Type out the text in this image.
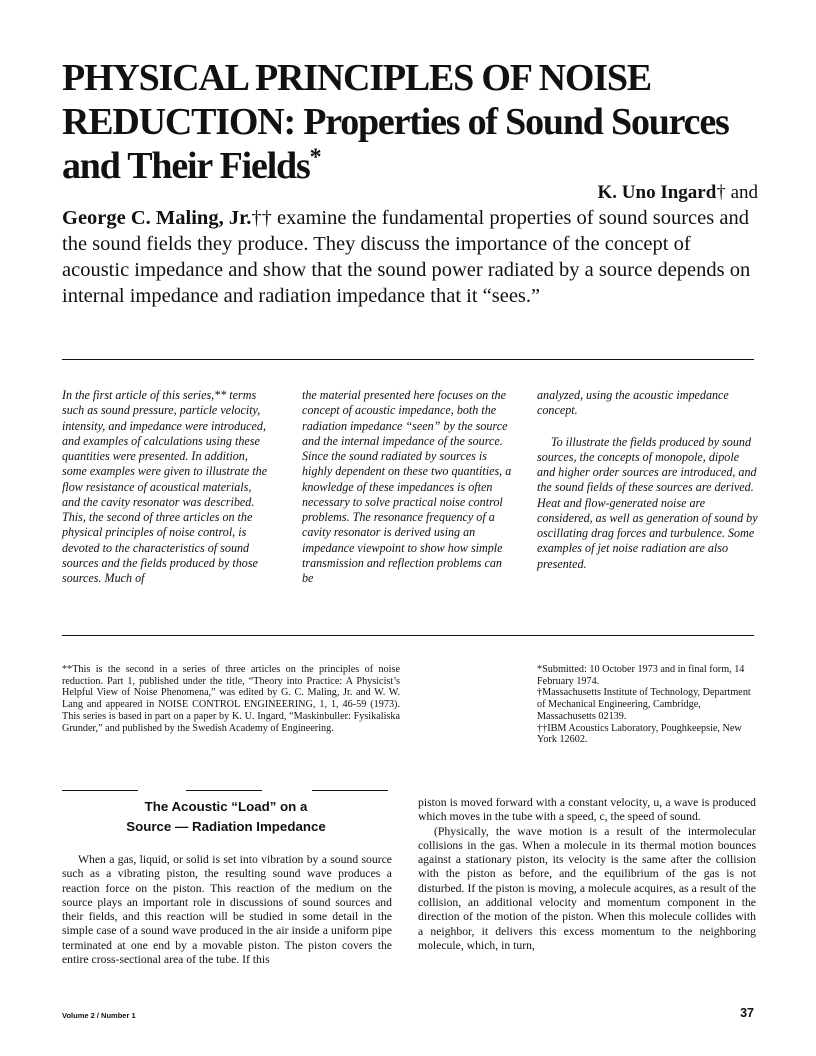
PHYSICAL PRINCIPLES OF NOISE REDUCTION: Properties of Sound Sources and Their Fields*
K. Uno Ingard† and

George C. Maling, Jr.†† examine the fundamental properties of sound sources and the sound fields they produce. They discuss the importance of the concept of acoustic impedance and show that the sound power radiated by a source depends on internal impedance and radiation impedance that it “sees.”

In the first article of this series,** terms such as sound pressure, particle velocity, intensity, and impedance were introduced, and examples of calculations using these quantities were presented. In addition, some examples were given to illustrate the flow resistance of acoustical materials, and the cavity resonator was described. This, the second of three articles on the physical principles of noise control, is devoted to the characteristics of sound sources and the fields produced by those sources. Much of

the material presented here focuses on the concept of acoustic impedance, both the radiation impedance “seen” by the source and the internal impedance of the source. Since the sound radiated by sources is highly dependent on these two quantities, a knowledge of these impedances is often necessary to solve practical noise control problems. The resonance frequency of a cavity resonator is derived using an impedance viewpoint to show how simple transmission and reflection problems can be

analyzed, using the acoustic impedance concept.

To illustrate the fields produced by sound sources, the concepts of monopole, dipole and higher order sources are introduced, and the sound fields of these sources are derived. Heat and flow-generated noise are considered, as well as generation of sound by oscillating drag forces and turbulence. Some examples of jet noise radiation are also presented.

**This is the second in a series of three articles on the principles of noise reduction. Part 1, published under the title, “Theory into Practice: A Physicist’s Helpful View of Noise Phenomena,” was edited by G. C. Maling, Jr. and W. W. Lang and appeared in NOISE CONTROL ENGINEERING, 1, 1, 46-59 (1973). This series is based in part on a paper by K. U. Ingard, “Maskinbuller: Fysikaliska Grunder,” and published by the Swedish Academy of Engineering.

*Submitted: 10 October 1973 and in final form, 14 February 1974.

†Massachusetts Institute of Technology, Department of Mechanical Engineering, Cambridge, Massachusetts 02139.

††IBM Acoustics Laboratory, Poughkeepsie, New York 12602.

The Acoustic “Load” on a
Source — Radiation Impedance

When a gas, liquid, or solid is set into vibration by a sound source such as a vibrating piston, the resulting sound wave produces a reaction force on the piston. This reaction of the medium on the source plays an important role in discussions of sound sources and their fields, and this reaction will be studied in some detail in the simple case of a sound wave produced in the air inside a uniform pipe terminated at one end by a movable piston. The piston covers the entire cross-sectional area of the tube. If this

piston is moved forward with a constant velocity, u, a wave is produced which moves in the tube with a speed, c, the speed of sound.

(Physically, the wave motion is a result of the intermolecular collisions in the gas. When a molecule in its thermal motion bounces against a stationary piston, its velocity is the same after the collision with the piston as before, and the equilibrium of the gas is not disturbed. If the piston is moving, a molecule acquires, as a result of the collision, an additional velocity and momentum component in the direction of the motion of the piston. When this molecule collides with a neighbor, it delivers this excess momentum to the neighboring molecule, which, in turn,

Volume 2 / Number 1	37
